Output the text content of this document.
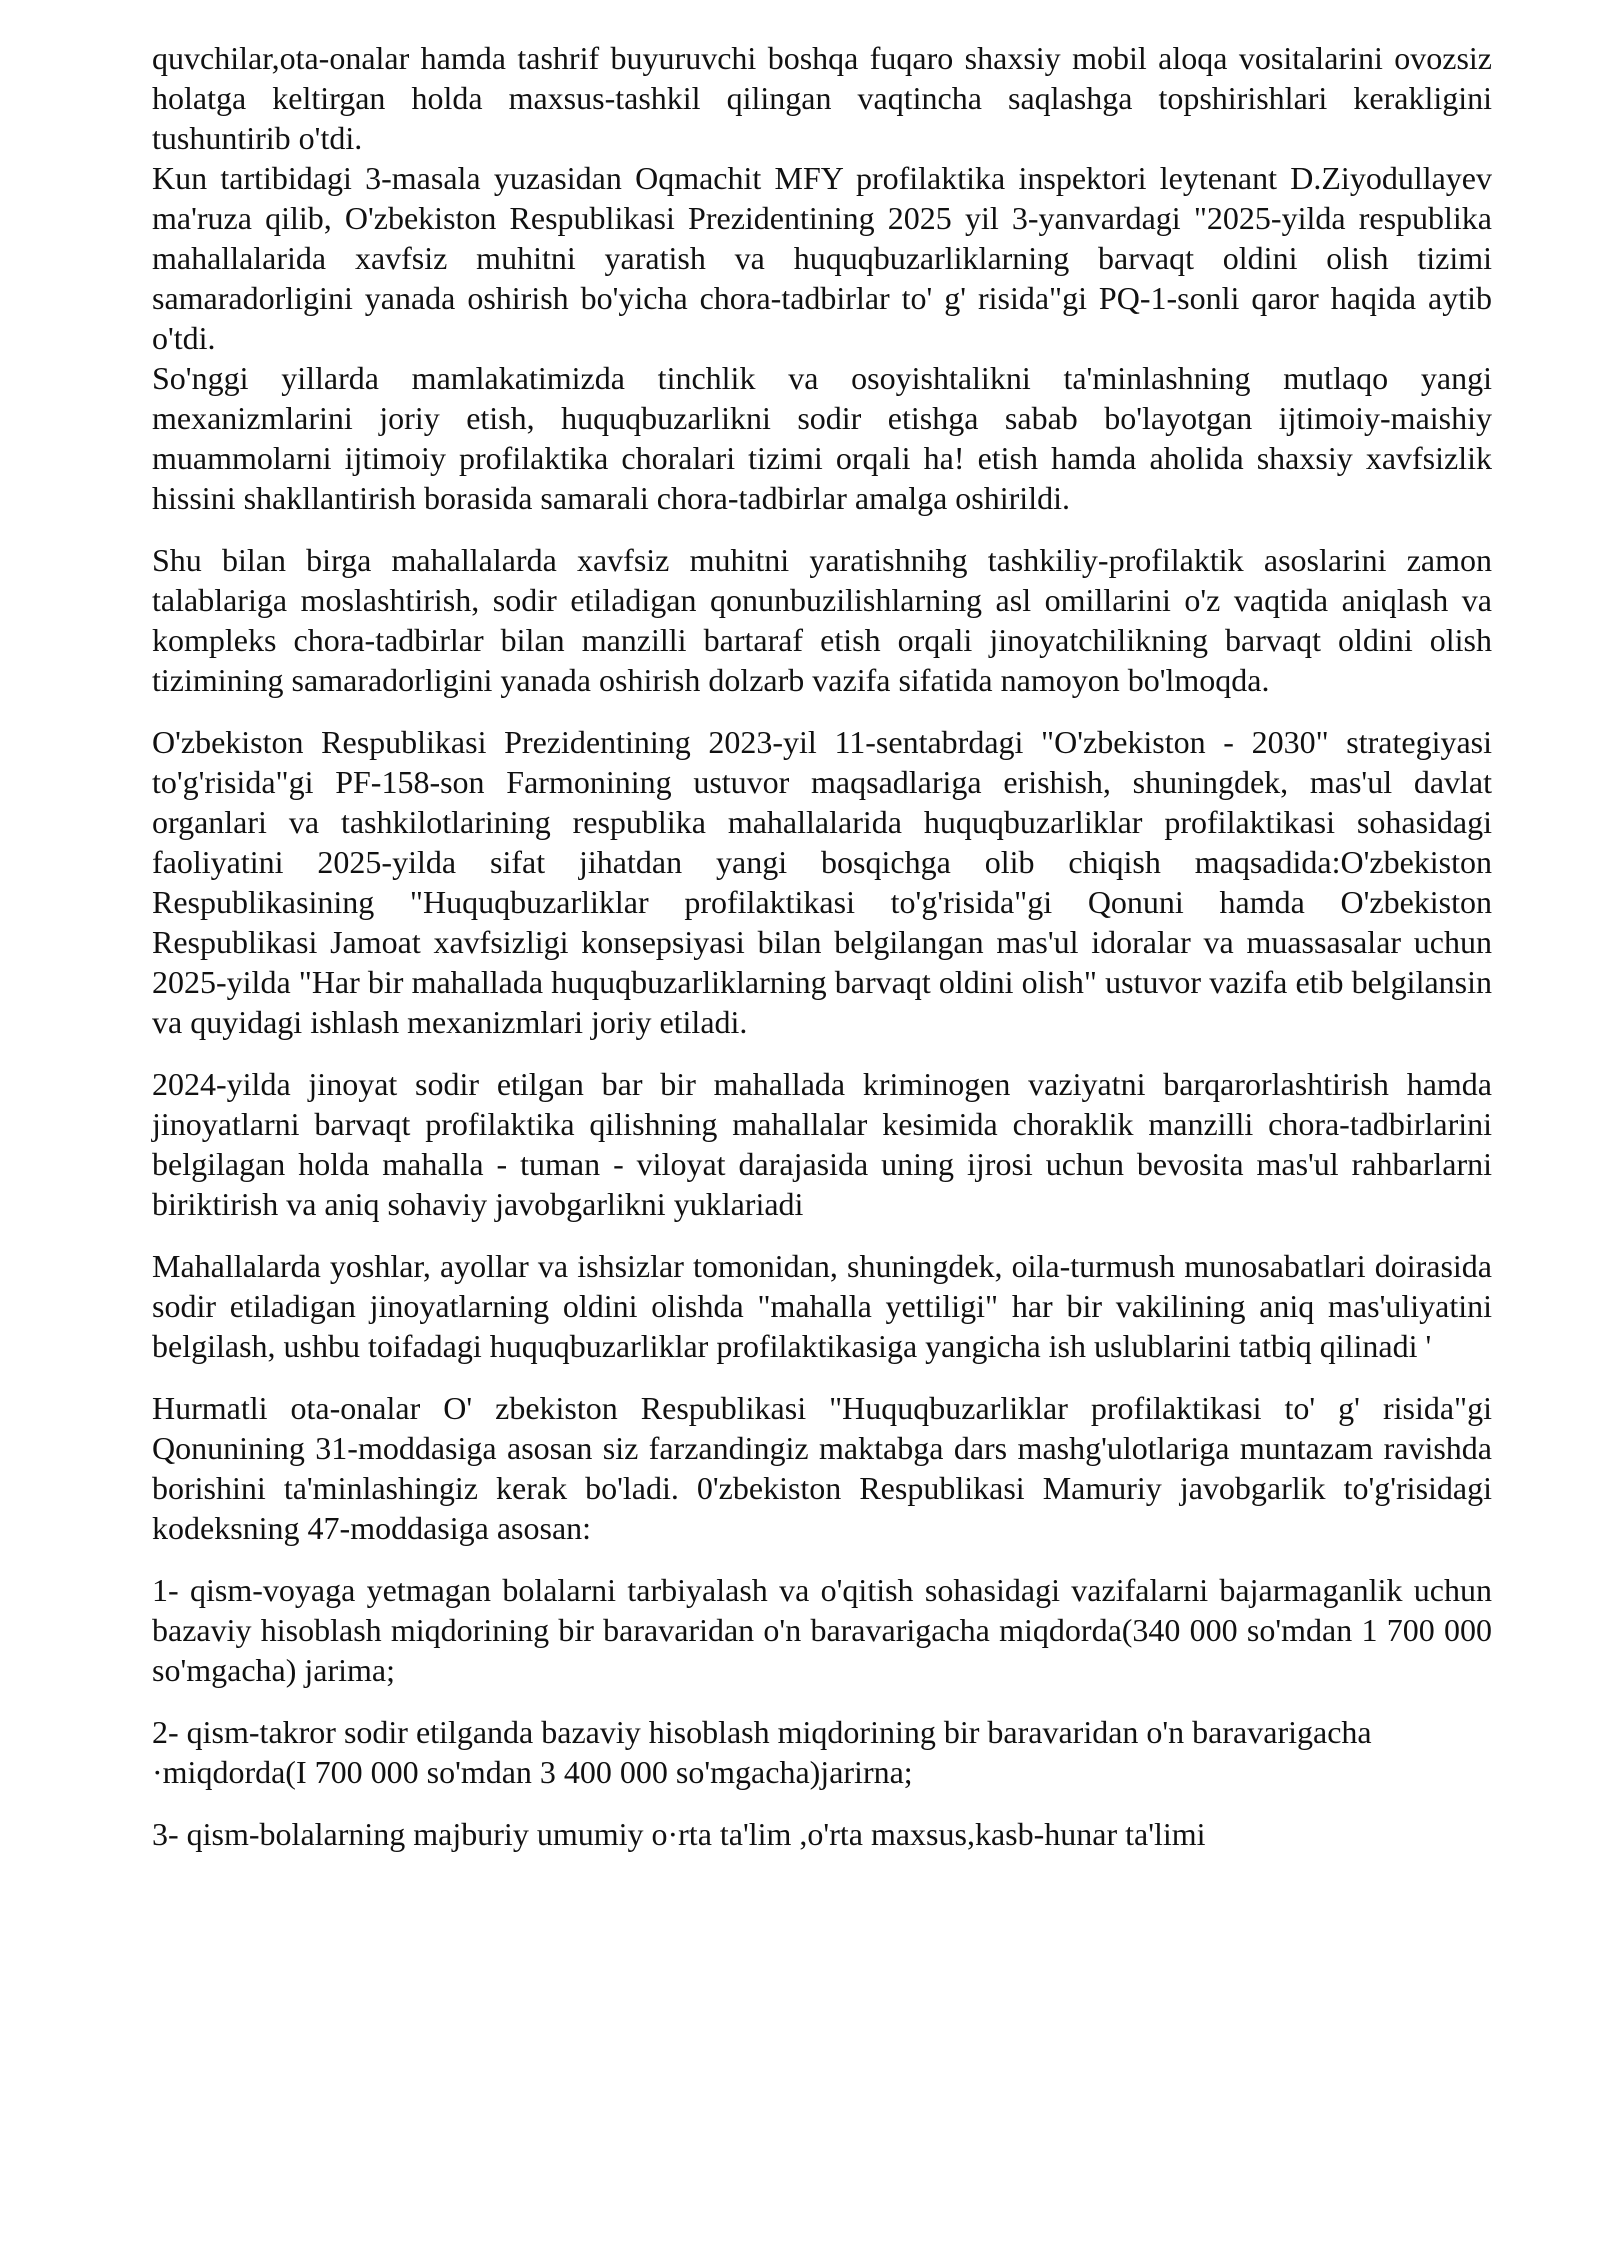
quvchilar,ota-onalar hamda tashrif buyuruvchi boshqa fuqaro shaxsiy mobil aloqa vositalarini ovozsiz holatga keltirgan holda maxsus-tashkil qilingan vaqtincha saqlashga topshirishlari kerakligini tushuntirib o'tdi.

Kun tartibidagi 3-masala yuzasidan Oqmachit MFY profilaktika inspektori leytenant D.Ziyodullayev ma'ruza qilib, O'zbekiston Respublikasi Prezidentining 2025 yil 3-yanvardagi "2025-yilda respublika mahallalarida xavfsiz muhitni yaratish va huquqbuzarliklarning barvaqt oldini olish tizimi samaradorligini yanada oshirish bo'yicha chora-tadbirlar to' g' risida"gi PQ-1-sonli qaror haqida aytib o'tdi.

So'nggi yillarda mamlakatimizda tinchlik va osoyishtalikni ta'minlashning mutlaqo yangi mexanizmlarini joriy etish, huquqbuzarlikni sodir etishga sabab bo'layotgan ijtimoiy-maishiy muammolarni ijtimoiy profilaktika choralari tizimi orqali ha! etish hamda aholida shaxsiy xavfsizlik hissini shakllantirish borasida samarali chora-tadbirlar amalga oshirildi.

Shu bilan birga mahallalarda xavfsiz muhitni yaratishnihg tashkiliy-profilaktik asoslarini zamon talablariga moslashtirish, sodir etiladigan qonunbuzilishlarning asl omillarini o'z vaqtida aniqlash va kompleks chora-tadbirlar bilan manzilli bartaraf etish orqali jinoyatchilikning barvaqt oldini olish tizimining samaradorligini yanada oshirish dolzarb vazifa sifatida namoyon bo'lmoqda.

O'zbekiston Respublikasi Prezidentining 2023-yil 11-sentabrdagi "O'zbekiston - 2030" strategiyasi to'g'risida"gi PF-158-son Farmonining ustuvor maqsadlariga erishish, shuningdek, mas'ul davlat organlari va tashkilotlarining respublika mahallalarida huquqbuzarliklar profilaktikasi sohasidagi faoliyatini 2025-yilda sifat jihatdan yangi bosqichga olib chiqish maqsadida:O'zbekiston Respublikasining "Huquqbuzarliklar profilaktikasi to'g'risida"gi Qonuni hamda O'zbekiston Respublikasi Jamoat xavfsizligi konsepsiyasi bilan belgilangan mas'ul idoralar va muassasalar uchun 2025-yilda "Har bir mahallada huquqbuzarliklarning barvaqt oldini olish" ustuvor vazifa etib belgilansin va quyidagi ishlash mexanizmlari joriy etiladi.

2024-yilda jinoyat sodir etilgan bar bir mahallada kriminogen vaziyatni barqarorlashtirish hamda jinoyatlarni barvaqt profilaktika qilishning mahallalar kesimida choraklik manzilli chora-tadbirlarini belgilagan holda mahalla - tuman - viloyat darajasida uning ijrosi uchun bevosita mas'ul rahbarlarni biriktirish va aniq sohaviy javobgarlikni yuklariadi

Mahallalarda yoshlar, ayollar va ishsizlar tomonidan, shuningdek, oila-turmush munosabatlari doirasida sodir etiladigan jinoyatlarning oldini olishda "mahalla yettiligi" har bir vakilining aniq mas'uliyatini belgilash, ushbu toifadagi huquqbuzarliklar profilaktikasiga yangicha ish uslublarini tatbiq qilinadi '

Hurmatli ota-onalar O' zbekiston Respublikasi "Huquqbuzarliklar profilaktikasi to' g' risida"gi Qonunining 31-moddasiga asosan siz farzandingiz maktabga dars mashg'ulotlariga muntazam ravishda borishini ta'minlashingiz kerak bo'ladi. 0'zbekiston Respublikasi Mamuriy javobgarlik to'g'risidagi kodeksning 47-moddasiga asosan:

1- qism-voyaga yetmagan bolalarni tarbiyalash va o'qitish sohasidagi vazifalarni bajarmaganlik uchun bazaviy hisoblash miqdorining bir baravaridan o'n baravarigacha miqdorda(340 000 so'mdan 1 700 000 so'mgacha) jarima;

2- qism-takror sodir etilganda bazaviy hisoblash miqdorining bir baravaridan o'n baravarigacha

·miqdorda(I 700 000 so'mdan 3 400 000 so'mgacha)jarirna;

3- qism-bolalarning majburiy umumiy o·rta ta'lim ,o'rta maxsus,kasb-hunar ta'limi
